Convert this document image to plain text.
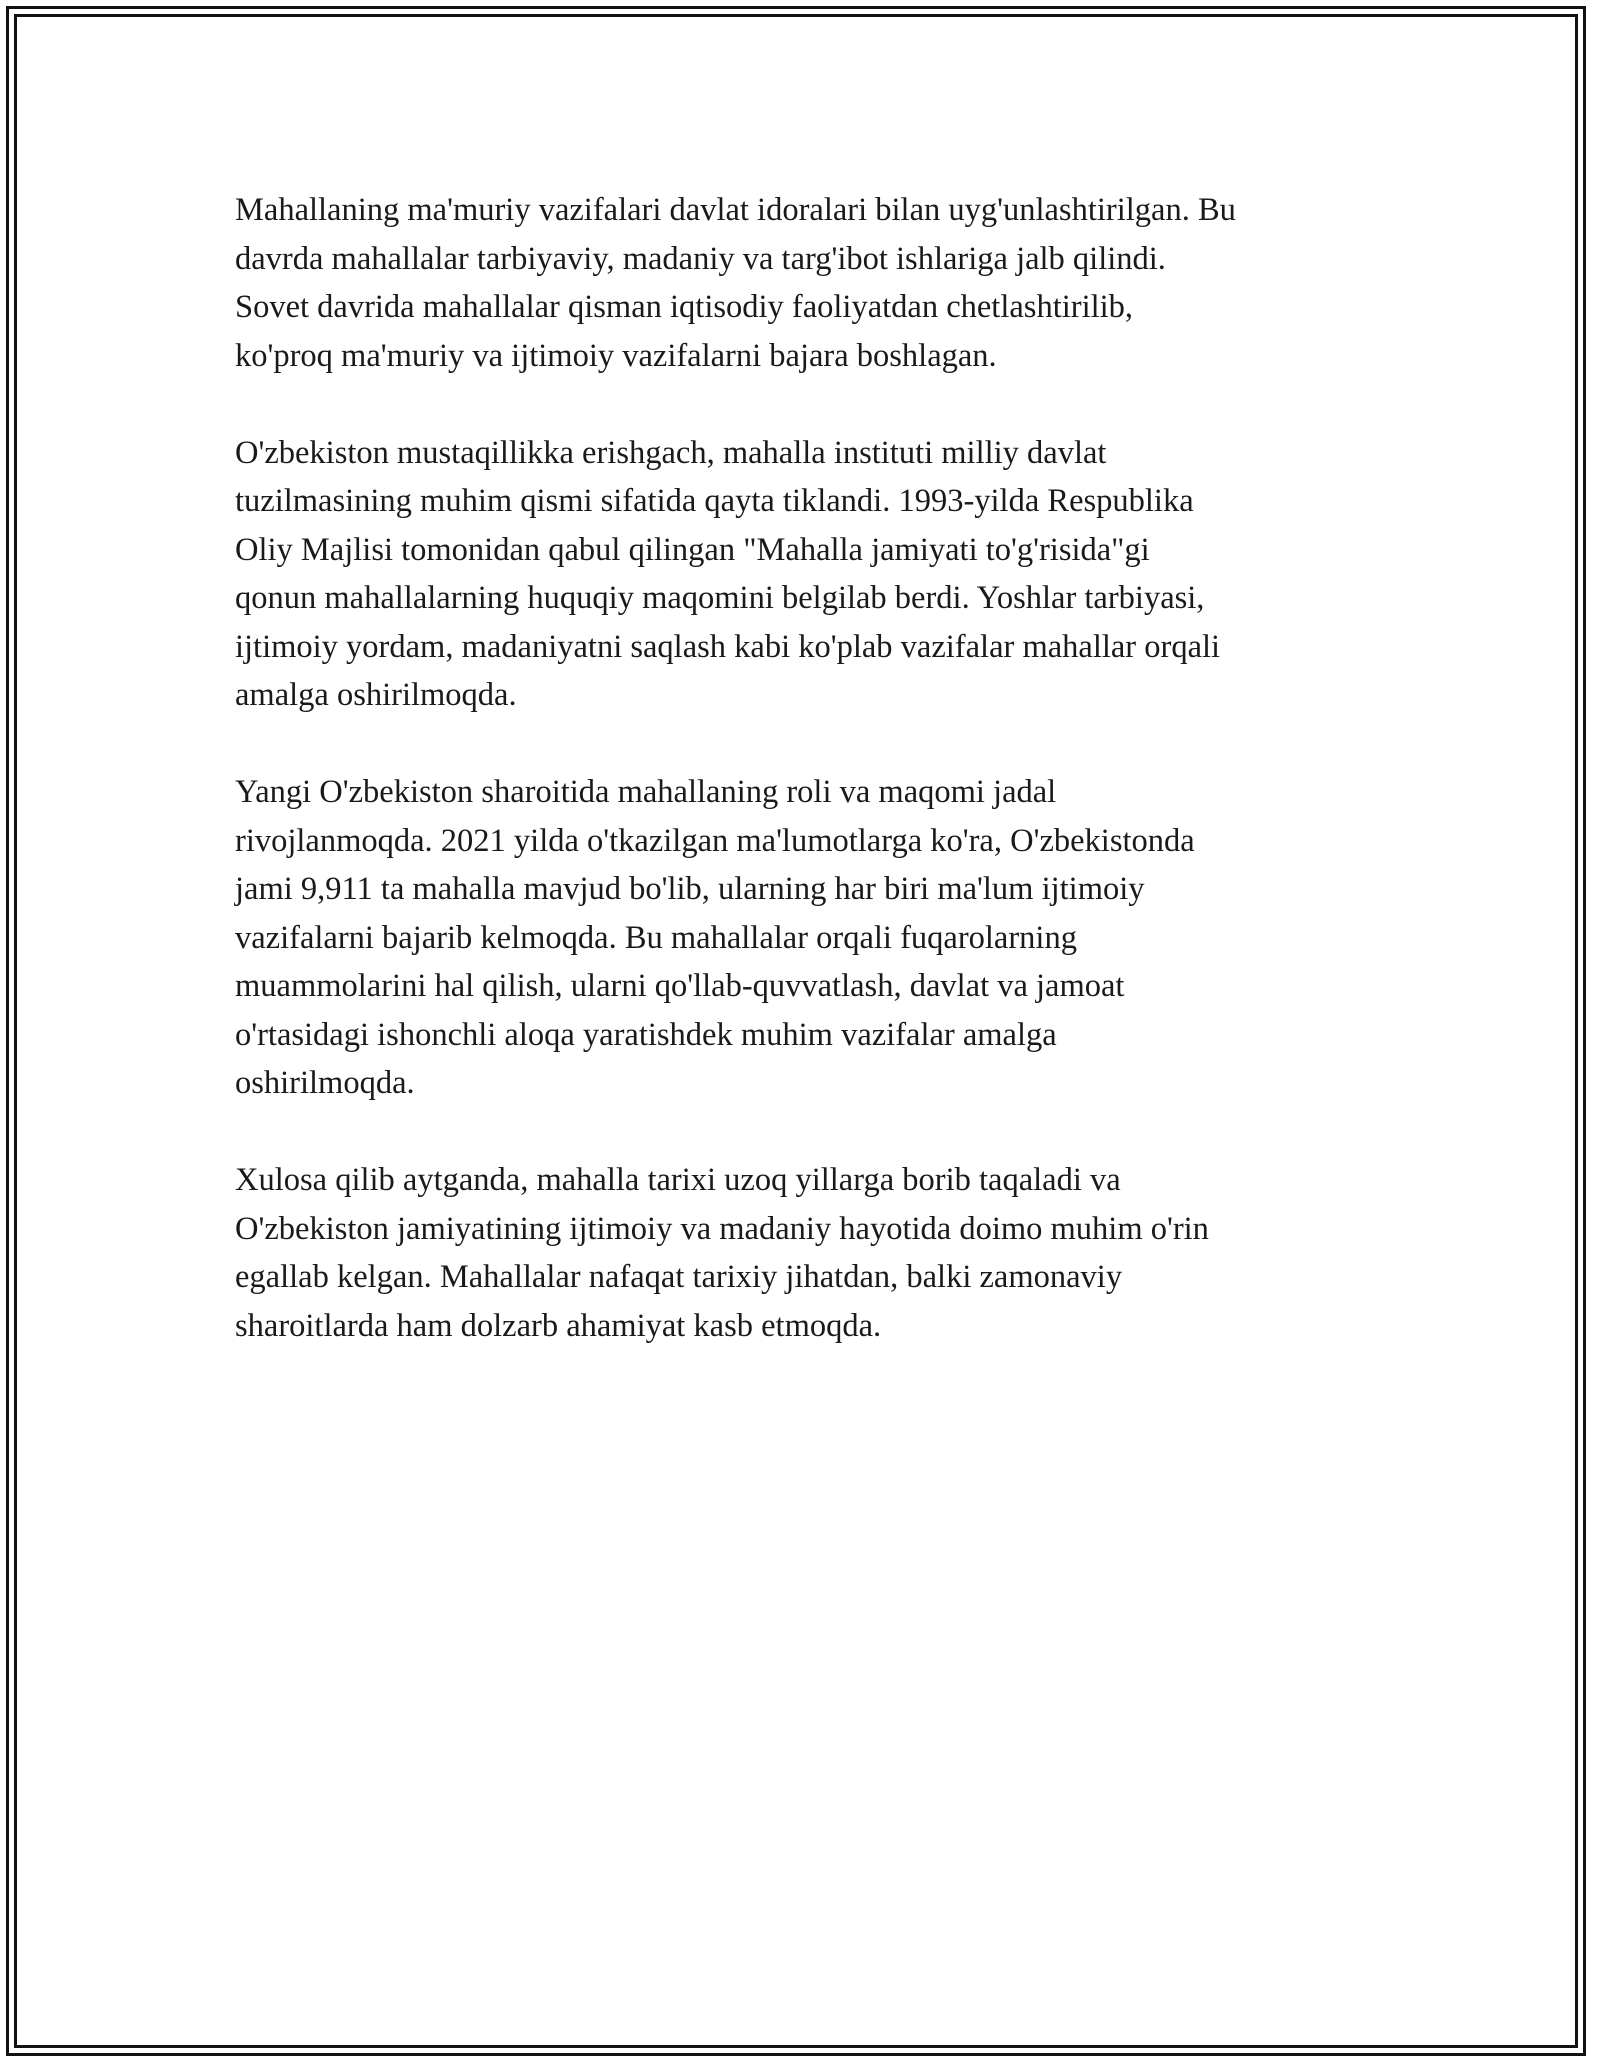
Mahallaning ma'muriy vazifalari davlat idoralari bilan uyg'unlashtirilgan. Bu
davrda mahallalar tarbiyaviy, madaniy va targ'ibot ishlariga jalb qilindi.
Sovet davrida mahallalar qisman iqtisodiy faoliyatdan chetlashtirilib,
ko'proq ma'muriy va ijtimoiy vazifalarni bajara boshlagan.

O'zbekiston mustaqillikka erishgach, mahalla instituti milliy davlat
tuzilmasining muhim qismi sifatida qayta tiklandi. 1993-yilda Respublika
Oliy Majlisi tomonidan qabul qilingan "Mahalla jamiyati to'g'risida"gi
qonun mahallalarning huquqiy maqomini belgilab berdi. Yoshlar tarbiyasi,
ijtimoiy yordam, madaniyatni saqlash kabi ko'plab vazifalar mahallar orqali
amalga oshirilmoqda.

Yangi O'zbekiston sharoitida mahallaning roli va maqomi jadal
rivojlanmoqda. 2021 yilda o'tkazilgan ma'lumotlarga ko'ra, O'zbekistonda
jami 9,911 ta mahalla mavjud bo'lib, ularning har biri ma'lum ijtimoiy
vazifalarni bajarib kelmoqda. Bu mahallalar orqali fuqarolarning
muammolarini hal qilish, ularni qo'llab-quvvatlash, davlat va jamoat
o'rtasidagi ishonchli aloqa yaratishdek muhim vazifalar amalga
oshirilmoqda.

Xulosa qilib aytganda, mahalla tarixi uzoq yillarga borib taqaladi va
O'zbekiston jamiyatining ijtimoiy va madaniy hayotida doimo muhim o'rin
egallab kelgan. Mahallalar nafaqat tarixiy jihatdan, balki zamonaviy
sharoitlarda ham dolzarb ahamiyat kasb etmoqda.
